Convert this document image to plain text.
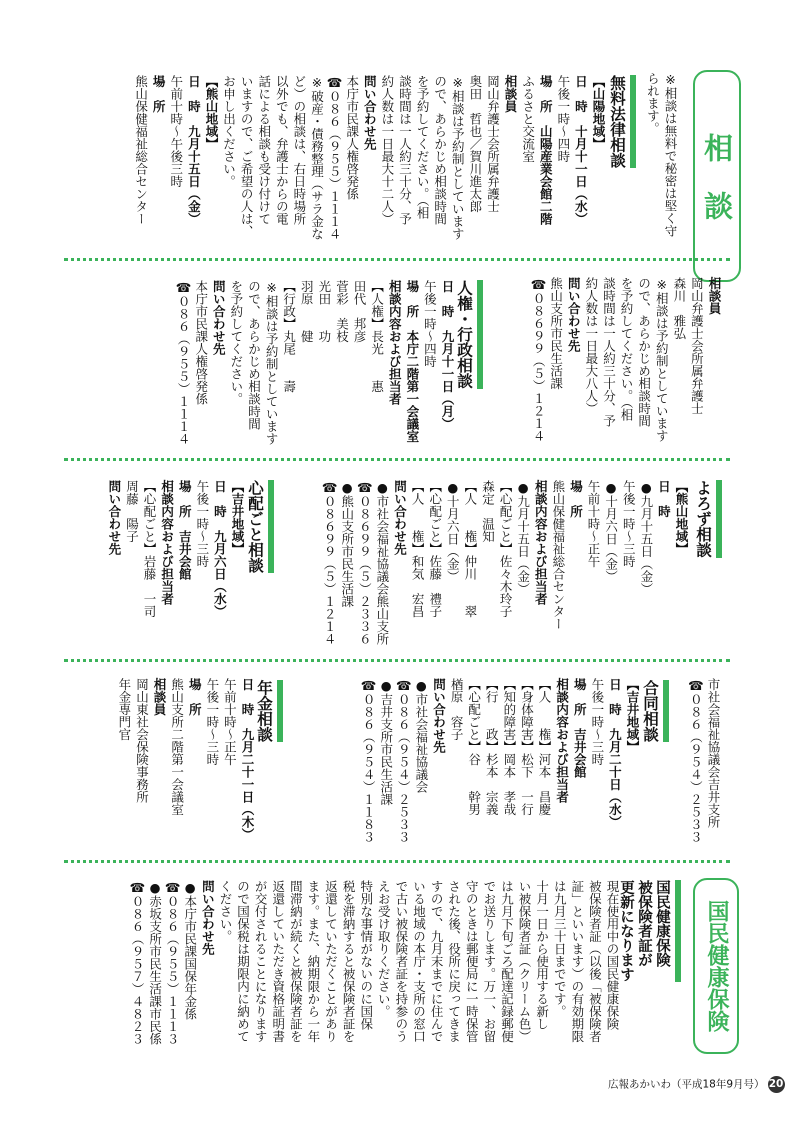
相　談
※相談は無料で秘密は堅く守
られます。
無料法律相談
【山陽地域】
日　時　十月十一日（水）
午後一時～四時
場　所　山陽産業会館二階
ふるさと交流室
相談員
岡山弁護士会所属弁護士
奥田　哲也／賀川進太郎
※相談は予約制としています
ので、あらかじめ相談時間
を予約してください。（相
談時間は一人約三十分、予
約人数は一日最大十二人）
問い合わせ先
本庁市民課人権啓発係
☎０８６（９５５）１１１４
※破産・債務整理（サラ金な
ど）の相談は、右日時場所
以外でも、弁護士からの電
話による相談も受け付けて
いますので、ご希望の人は、
お申し出ください。
【熊山地域】
日　時　九月十五日（金）
午前十時～午後三時
場　所
熊山保健福祉総合センター
相談員
岡山弁護士会所属弁護士
森川　雅弘
※相談は予約制としています
ので、あらかじめ相談時間
を予約してください。（相
談時間は一人約三十分、予
約人数は一日最大八人）
問い合わせ先
熊山支所市民生活課
☎０８６９９（５）１２１４
人権・行政相談
日　時　九月十一日（月）
午後一時～四時
場　所　本庁二階第一会議室
相談内容および担当者
【人権】長光　　惠
田代　邦彦
菅彩　美枝
光田　　功
羽原　　健
【行政】丸尾　　壽
※相談は予約制としています
ので、あらかじめ相談時間
を予約してください。
問い合わせ先
本庁市民課人権啓発係
☎０８６（９５５）１１１４
よろず相談
【熊山地域】
日　時
●九月十五日（金）
午後一時～三時
●十月六日（金）
午前十時～正午
場　所
熊山保健福祉総合センター
相談内容および担当者
●九月十五日（金）
【心配ごと】佐々木玲子
森定　温知
【人　　権】仲川　　翠
●十月六日（金）
【心配ごと】佐藤　禮子
【人　　権】和気　宏昌
問い合わせ先
●市社会福祉協議会熊山支所
☎０８６９９（５）２３３６
●熊山支所市民生活課
☎０８６９９（５）１２１４
心配ごと相談
【吉井地域】
日　時　九月六日（水）
午後一時～三時
場　所　吉井会館
相談内容および担当者
【心配ごと】岩藤　一司
周藤　陽子
問い合わせ先
市社会福祉協議会吉井支所
☎０８６（９５４）２５３３
合同相談
【吉井地域】
日　時　九月二十日（水）
午後一時～三時
場　所　吉井会館
相談内容および担当者
【人　　権】河本　昌慶
【身体障害】松下　一行
【知的障害】岡本　孝哉
【行　　政】杉本　宗義
【心配ごと】谷　　幹男
楢原　容子
問い合わせ先
●市社会福祉協議会
☎０８６（９５４）２５３３
●吉井支所市民生活課
☎０８６（９５４）１１８３
年金相談
日　時　九月二十一日（木）
午前十時～正午
午後一時～三時
場　所
熊山支所二階第一会議室
相談員
岡山東社会保険事務所
年金専門官
国民健康保険
国民健康保険
被保険者証が
更新になります
現在使用中の国民健康保険
被保険者証（以後「被保険者
証」といいます）の有効期限
は九月三十日までです。
十月一日から使用する新し
い被保険者証（クリーム色）
は九月下旬ごろ配達記録郵便
でお送りします。万一、お留
守のときは郵便局に一時保管
された後、役所に戻ってきま
すので、九月末までに住んで
いる地域の本庁・支所の窓口
で古い被保険者証を持参のう
えお受け取りください。
特別な事情がないのに国保
税を滞納すると被保険者証を
返還していただくことがあり
ます。また、納期限から一年
間滞納が続くと被保険者証を
返還していただき資格証明書
が交付されることになります
ので国保税は期限内に納めて
ください。
問い合わせ先
●本庁市民課国保年金係
☎０８６（９５５）１１１３
●赤坂支所市民生活課市民係
☎０８６（９５７）４８２３
広報あかいわ（平成18年9月号） 20
